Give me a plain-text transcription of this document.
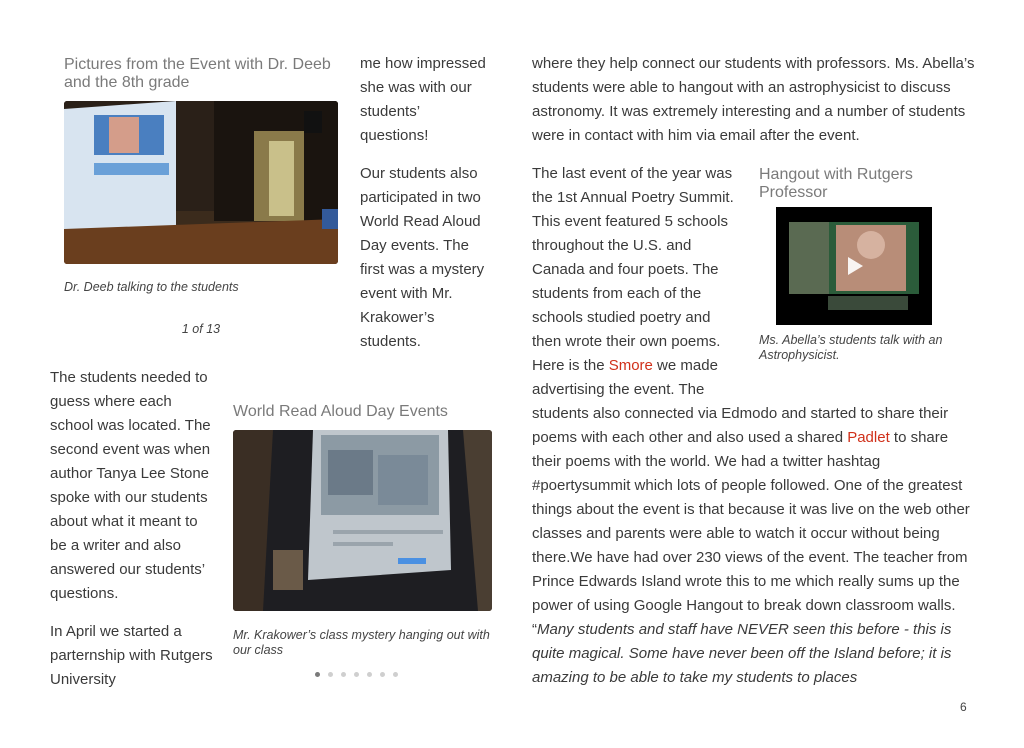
Pictures from the Event with Dr. Deeb and the 8th grade
Dr. Deeb talking to the students
1 of 13

me how impressed she was with our students’ questions!

Our students also participated in two World Read Aloud Day events. The first was a mystery event with Mr. Krakower’s students.

The students needed to guess where each school was located. The second event was when author Tanya Lee Stone spoke with our students about what it meant to be a writer and also answered our students’ questions.

In April we started a parternship with Rutgers University

World Read Aloud Day Events
Mr. Krakower’s class mystery hanging out with our class

where they help connect our students with professors. Ms. Abella’s students were able to hangout with an astrophysicist to discuss astronomy. It was extremely interesting and a number of students were in contact with him via email after the event.

The last event of the year was
the 1st Annual Poetry Summit.
This event featured 5 schools
throughout the U.S. and
Canada and four poets. The
students from each of the
schools studied poetry and
then wrote their own poems.
Here is the Smore we made
advertising the event. The

students also connected via Edmodo and started to share their poems with each other and also used a shared Padlet to share their poems with the world. We had a twitter hashtag #poertysummit which lots of people followed. One of the greatest things about the event is that because it was live on the web other classes and parents were able to watch it occur without being there.We have had over 230 views of the event. The teacher from Prince Edwards Island wrote this to me which really sums up the power of using Google Hangout to break down classroom walls. “Many students and staff have NEVER seen this before - this is quite magical. Some have never been off the Island before; it is amazing to be able to take my students to places

Hangout with Rutgers Professor
Ms. Abella’s students talk with an Astrophysicist.
6
